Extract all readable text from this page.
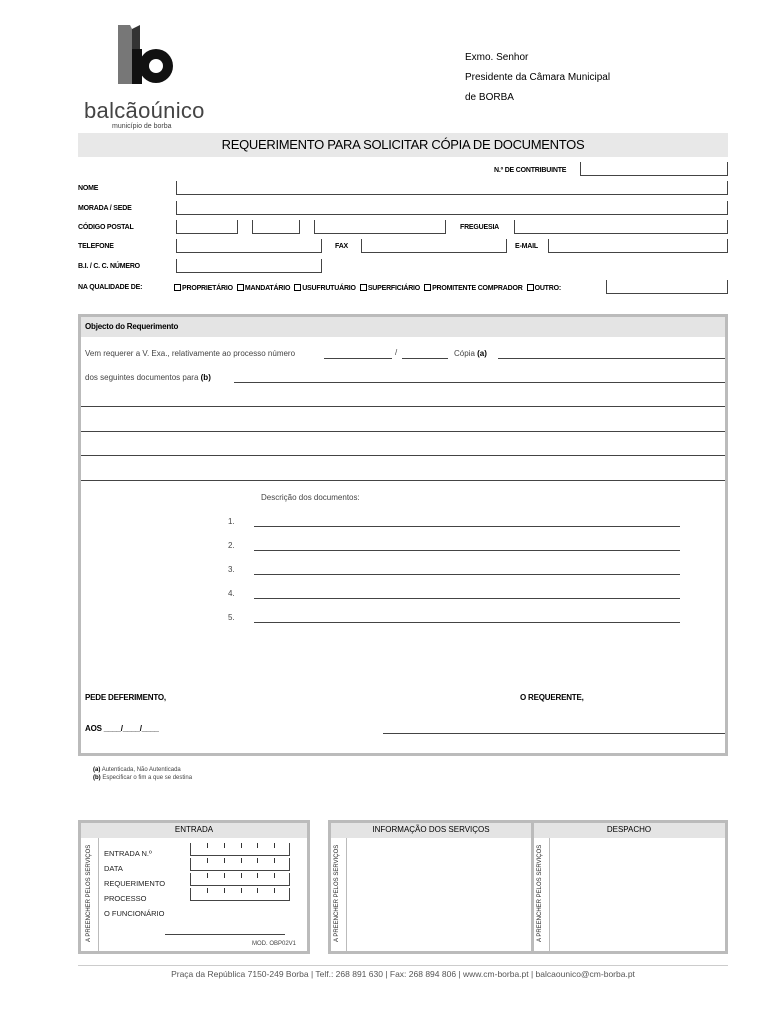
balcãoúnico
município de borba
Exmo. Senhor
Presidente da Câmara Municipal
de BORBA
REQUERIMENTO PARA SOLICITAR CÓPIA DE DOCUMENTOS
N.º DE CONTRIBUINTE
NOME
MORADA / SEDE
CÓDIGO POSTAL	FREGUESIA
TELEFONE	FAX	E-MAIL
B.I. / C. C. NÚMERO
NA QUALIDADE DE:	PROPRIETÁRIO MANDATÁRIO USUFRUTUÁRIO SUPERFICIÁRIO PROMITENTE COMPRADOR OUTRO:
Objecto do Requerimento
Vem requerer a V. Exa., relativamente ao processo número	/	Cópia (a)
dos seguintes documentos para (b)
Descrição dos documentos:
1.
2.
3.
4.
5.
PEDE DEFERIMENTO,	O REQUERENTE,
AOS ____/____/____
(a) Autenticada, Não Autenticada
(b) Especificar o fim a que se destina
ENTRADA
A PREENCHER PELOS SERVIÇOS ENTRADA N.º
DATA
REQUERIMENTO
PROCESSO
O FUNCIONÁRIO
MOD. OBP02V1
INFORMAÇÃO DOS SERVIÇOS	DESPACHO
A PREENCHER PELOS SERVIÇOS	A PREENCHER PELOS SERVIÇOS
Praça da República 7150-249 Borba | Telf.: 268 891 630 | Fax: 268 894 806 | www.cm-borba.pt | balcaounico@cm-borba.pt
